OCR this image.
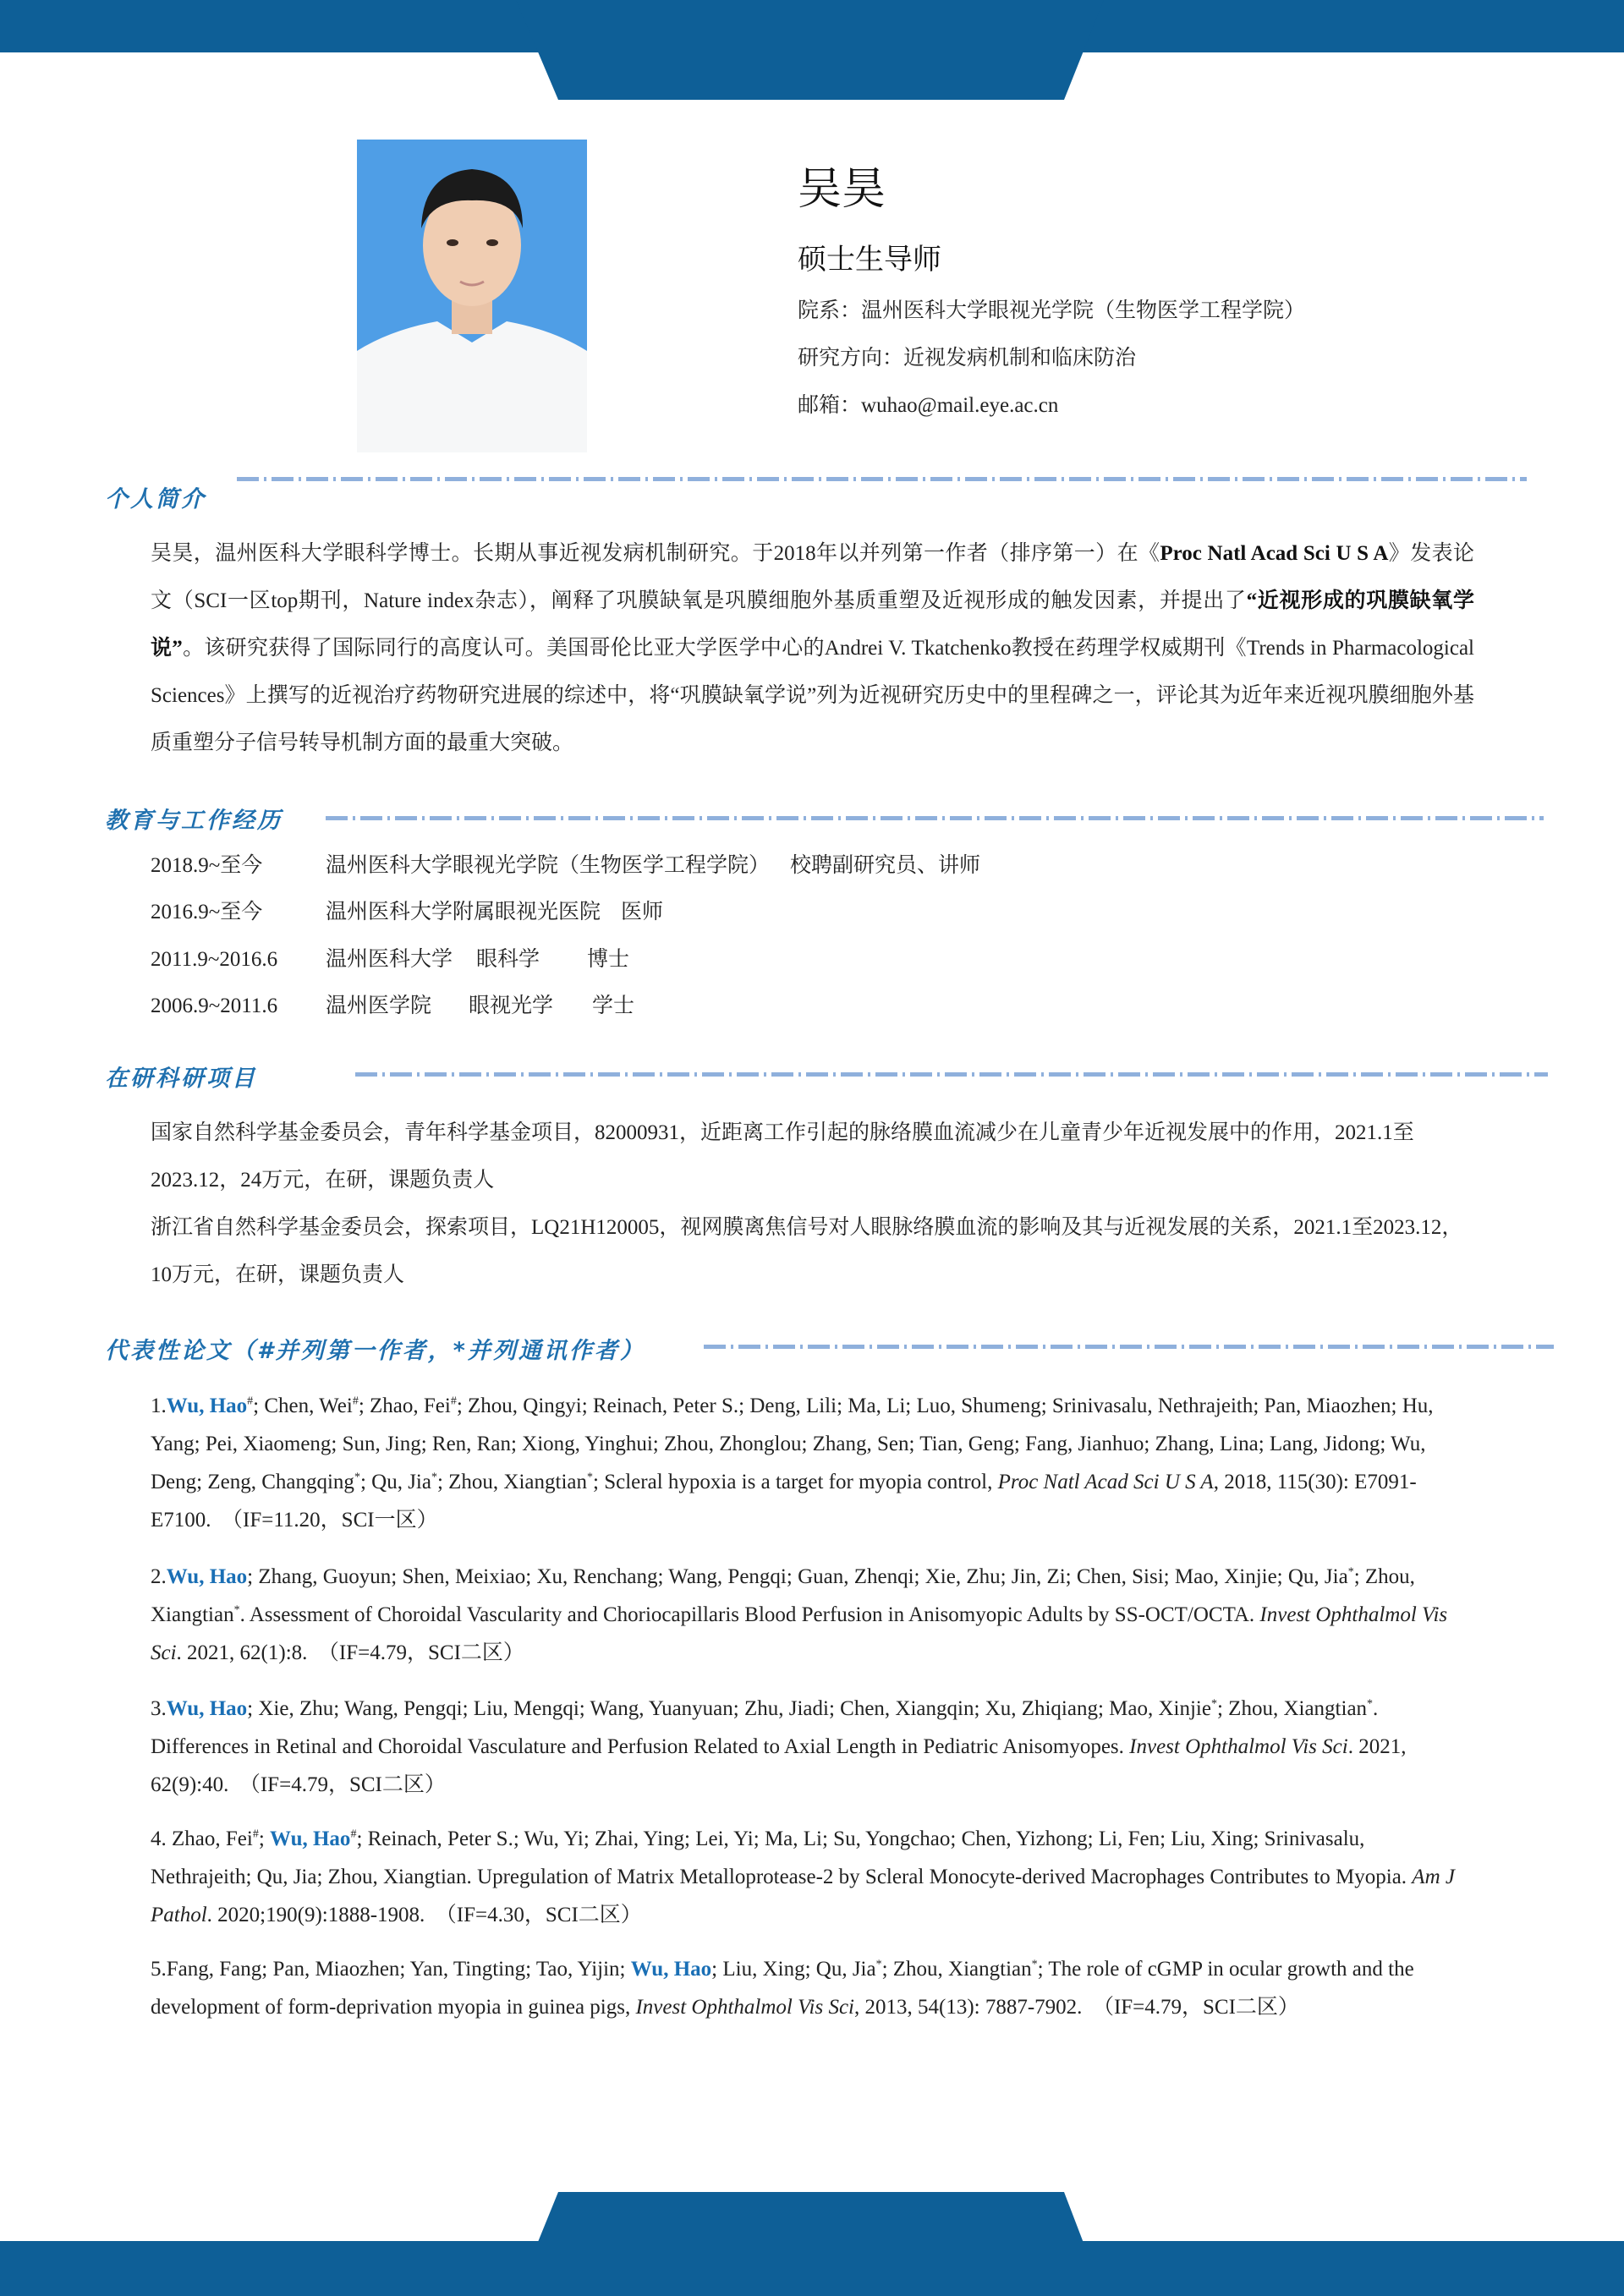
吴昊
硕士生导师
院系：温州医科大学眼视光学院（生物医学工程学院）
研究方向：近视发病机制和临床防治
邮箱：wuhao@mail.eye.ac.cn
个人简介
吴昊，温州医科大学眼科学博士。长期从事近视发病机制研究。于2018年以并列第一作者（排序第一）在《Proc Natl Acad Sci U S A》发表论文（SCI一区top期刊，Nature index杂志），阐释了巩膜缺氧是巩膜细胞外基质重塑及近视形成的触发因素，并提出了“近视形成的巩膜缺氧学说”。该研究获得了国际同行的高度认可。美国哥伦比亚大学医学中心的Andrei V. Tkatchenko教授在药理学权威期刊《Trends in Pharmacological Sciences》上撰写的近视治疗药物研究进展的综述中，将“巩膜缺氧学说”列为近视研究历史中的里程碑之一，评论其为近年来近视巩膜细胞外基质重塑分子信号转导机制方面的最重大突破。
教育与工作经历
2018.9~至今	温州医科大学眼视光学院（生物医学工程学院） 校聘副研究员、讲师
2016.9~至今	温州医科大学附属眼视光医院 医师
2011.9~2016.6	温州医科大学 眼科学 博士
2006.9~2011.6	温州医学院 眼视光学 学士
在研科研项目
国家自然科学基金委员会，青年科学基金项目，82000931，近距离工作引起的脉络膜血流减少在儿童青少年近视发展中的作用，2021.1至2023.12，24万元，在研，课题负责人
浙江省自然科学基金委员会，探索项目，LQ21H120005，视网膜离焦信号对人眼脉络膜血流的影响及其与近视发展的关系，2021.1至2023.12，10万元，在研，课题负责人
代表性论文（#并列第一作者，*并列通讯作者）
1.Wu, Hao#; Chen, Wei#; Zhao, Fei#; Zhou, Qingyi; Reinach, Peter S.; Deng, Lili; Ma, Li; Luo, Shumeng; Srinivasalu, Nethrajeith; Pan, Miaozhen; Hu, Yang; Pei, Xiaomeng; Sun, Jing; Ren, Ran; Xiong, Yinghui; Zhou, Zhonglou; Zhang, Sen; Tian, Geng; Fang, Jianhuo; Zhang, Lina; Lang, Jidong; Wu, Deng; Zeng, Changqing*; Qu, Jia*; Zhou, Xiangtian*; Scleral hypoxia is a target for myopia control, Proc Natl Acad Sci U S A, 2018, 115(30): E7091-E7100. （IF=11.20，SCI一区）
2.Wu, Hao; Zhang, Guoyun; Shen, Meixiao; Xu, Renchang; Wang, Pengqi; Guan, Zhenqi; Xie, Zhu; Jin, Zi; Chen, Sisi; Mao, Xinjie; Qu, Jia*; Zhou, Xiangtian*. Assessment of Choroidal Vascularity and Choriocapillaris Blood Perfusion in Anisomyopic Adults by SS-OCT/OCTA. Invest Ophthalmol Vis Sci. 2021, 62(1):8. （IF=4.79，SCI二区）
3.Wu, Hao; Xie, Zhu; Wang, Pengqi; Liu, Mengqi; Wang, Yuanyuan; Zhu, Jiadi; Chen, Xiangqin; Xu, Zhiqiang; Mao, Xinjie*; Zhou, Xiangtian*. Differences in Retinal and Choroidal Vasculature and Perfusion Related to Axial Length in Pediatric Anisomyopes. Invest Ophthalmol Vis Sci. 2021, 62(9):40. （IF=4.79，SCI二区）
4. Zhao, Fei#; Wu, Hao#; Reinach, Peter S.; Wu, Yi; Zhai, Ying; Lei, Yi; Ma, Li; Su, Yongchao; Chen, Yizhong; Li, Fen; Liu, Xing; Srinivasalu, Nethrajeith; Qu, Jia; Zhou, Xiangtian. Upregulation of Matrix Metalloprotease-2 by Scleral Monocyte-derived Macrophages Contributes to Myopia. Am J Pathol. 2020;190(9):1888-1908. （IF=4.30，SCI二区）
5.Fang, Fang; Pan, Miaozhen; Yan, Tingting; Tao, Yijin; Wu, Hao; Liu, Xing; Qu, Jia*; Zhou, Xiangtian*; The role of cGMP in ocular growth and the development of form-deprivation myopia in guinea pigs, Invest Ophthalmol Vis Sci, 2013, 54(13): 7887-7902. （IF=4.79，SCI二区）
